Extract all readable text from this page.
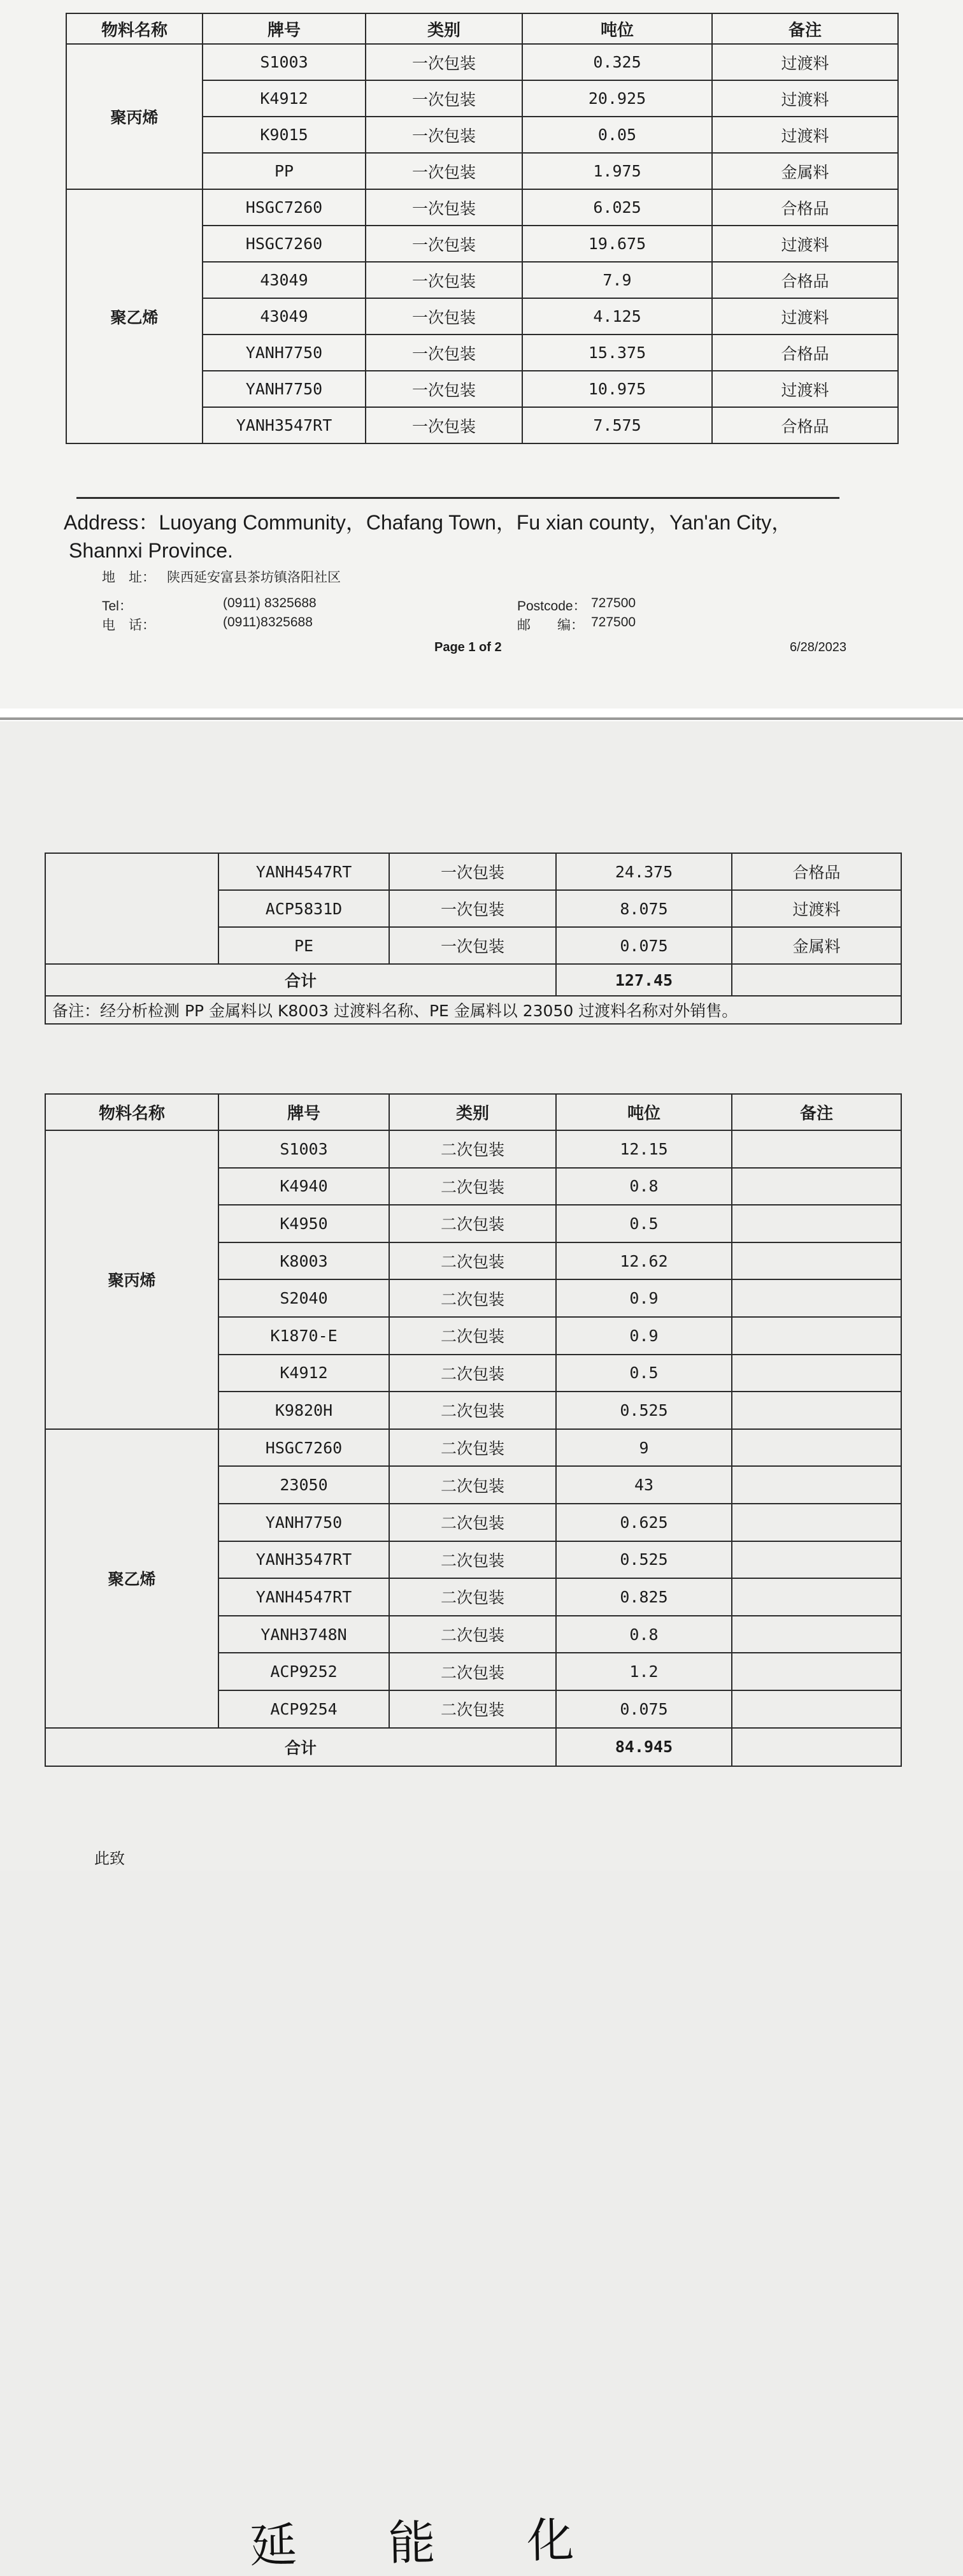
物料名称	牌号	类别	吨位	备注
聚丙烯	S1003	一次包装	0.325	过渡料
	K4912	一次包装	20.925	过渡料
	K9015	一次包装	0.05	过渡料
	PP	一次包装	1.975	金属料
聚乙烯	HSGC7260	一次包装	6.025	合格品
	HSGC7260	一次包装	19.675	过渡料
	43049	一次包装	7.9	合格品
	43049	一次包装	4.125	过渡料
	YANH7750	一次包装	15.375	合格品
	YANH7750	一次包装	10.975	过渡料
	YANH3547RT	一次包装	7.575	合格品
Address：Luoyang Community，Chafang Town，Fu xian county，Yan'an City，
Shannxi Province.
地　址： 陕西延安富县茶坊镇洛阳社区
Tel：	(0911) 8325688	Postcode： 727500
电　话：	(0911)8325688	邮　　编： 727500
Page 1 of 2	6/28/2023
	YANH4547RT	一次包装	24.375	合格品
	ACP5831D	一次包装	8.075	过渡料
	PE	一次包装	0.075	金属料
合计			127.45	
备注：经分析检测 PP 金属料以 K8003 过渡料名称、PE 金属料以 23050 过渡料名称对外销售。				
物料名称	牌号	类别	吨位	备注
聚丙烯	S1003	二次包装	12.15	
	K4940	二次包装	0.8	
	K4950	二次包装	0.5	
	K8003	二次包装	12.62	
	S2040	二次包装	0.9	
	K1870-E	二次包装	0.9	
	K4912	二次包装	0.5	
	K9820H	二次包装	0.525	
聚乙烯	HSGC7260	二次包装	9	
	23050	二次包装	43	
	YANH7750	二次包装	0.625	
	YANH3547RT	二次包装	0.525	
	YANH4547RT	二次包装	0.825	
	YANH3748N	二次包装	0.8	
	ACP9252	二次包装	1.2	
	ACP9254	二次包装	0.075	
合计			84.945	
延 能 化
此致
